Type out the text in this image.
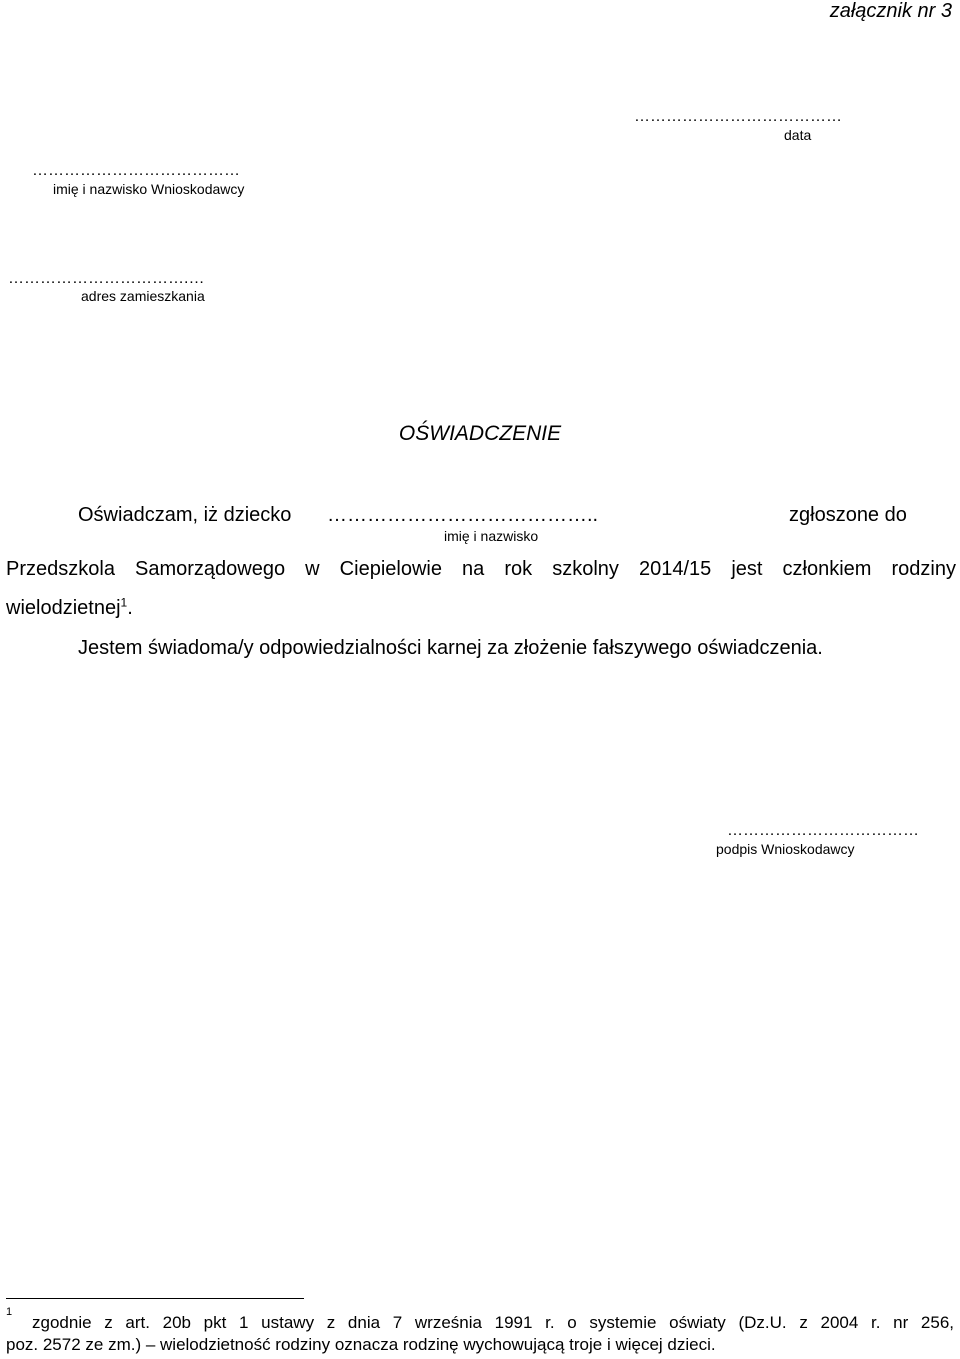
załącznik nr 3
…………………………………
data
…………………………………
imię i nazwisko Wnioskodawcy
…………………………….…
adres zamieszkania
OŚWIADCZENIE
Oświadczam, iż dziecko …………………………………..	zgłoszone do
imię i nazwisko
Przedszkola Samorządowego w Ciepielowie na rok szkolny 2014/15 jest członkiem rodziny
wielodzietnej$^1$.
Jestem świadoma/y odpowiedzialności karnej za złożenie fałszywego oświadczenia.
………………………………
podpis Wnioskodawcy
1
zgodnie z art. 20b pkt 1 ustawy z dnia 7 września 1991 r. o systemie oświaty (Dz.U. z 2004 r. nr 256,
poz. 2572 ze zm.) – wielodzietność rodziny oznacza rodzinę wychowującą troje i więcej dzieci.
